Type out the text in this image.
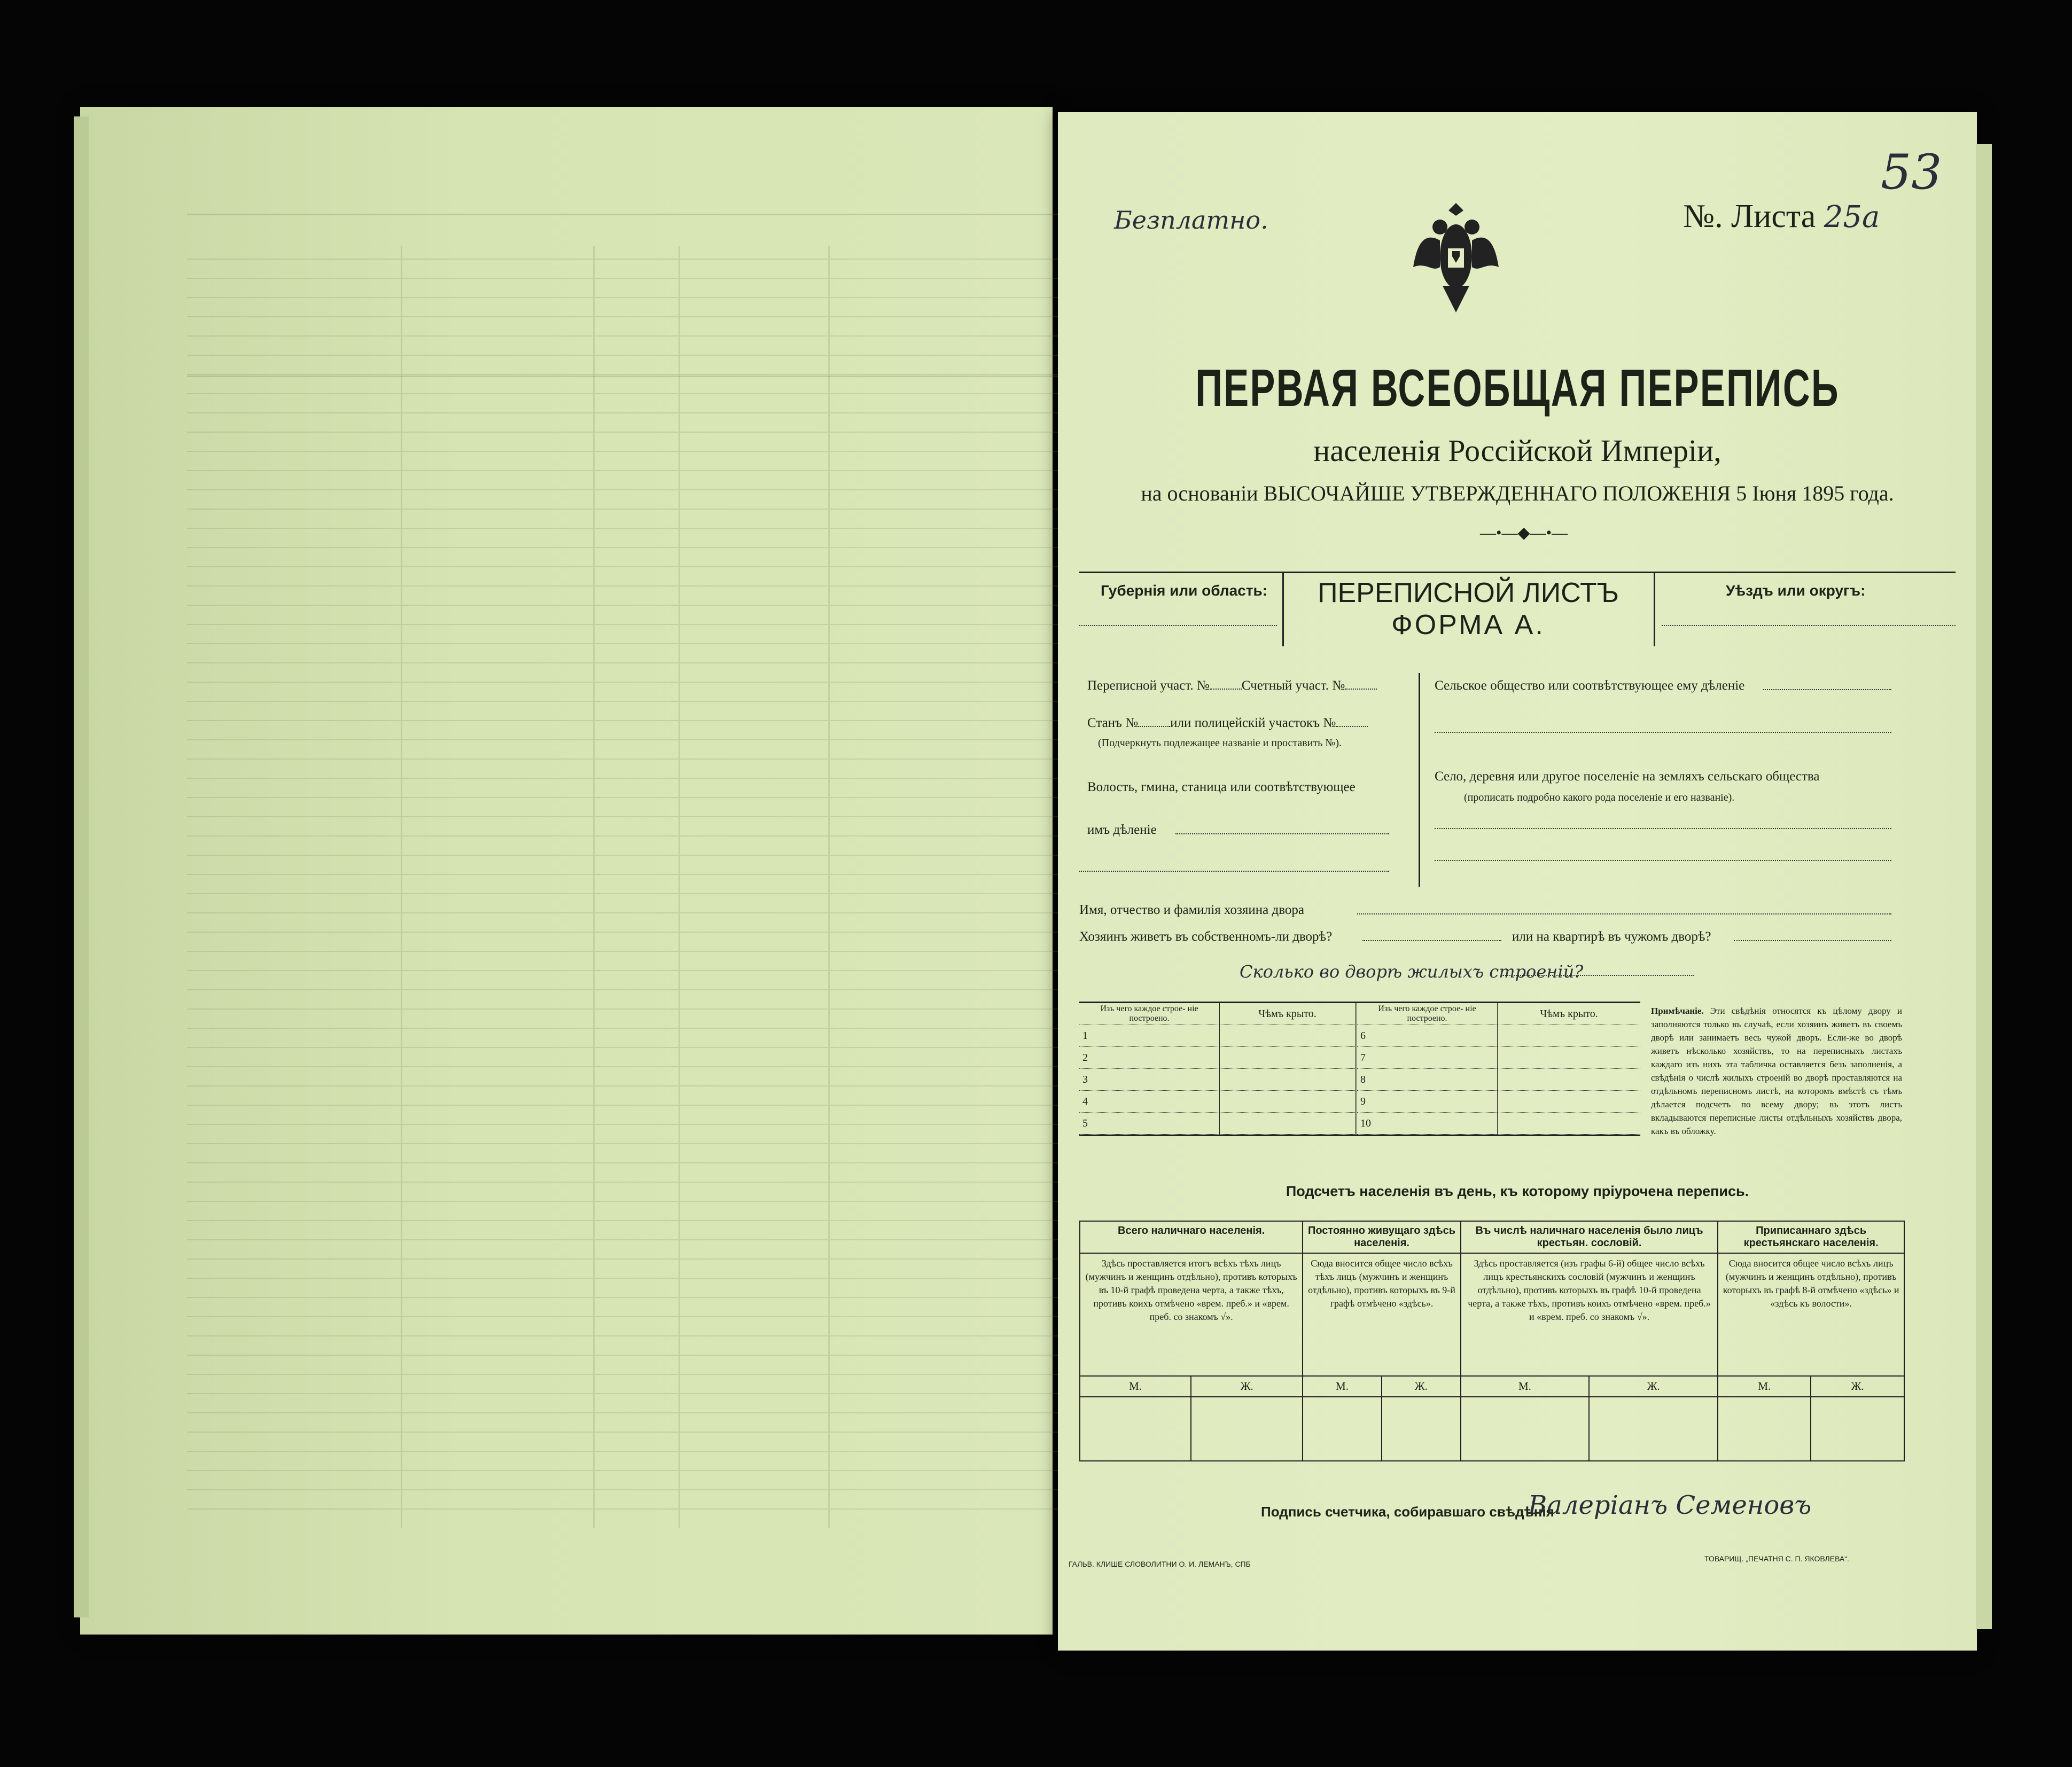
Безплатно.	№. Листа 25а
53
ПЕРВАЯ ВСЕОБЩАЯ ПЕРЕПИСЬ
населенія Россійской Имперіи,
на основаніи ВЫСОЧАЙШЕ УТВЕРЖДЕННАГО ПОЛОЖЕНІЯ 5 Іюня 1895 года.
—•—◆—•—
Губернія или область:	ПЕРЕПИСНОЙ ЛИСТЪ
ФОРМА А.
Уѣздъ или округъ:
Переписной участ. № Счетный участ. №
Станъ № или полицейскій участокъ №
(Подчеркнуть подлежащее названіе и проставить №).
Волость, гмина, станица или соотвѣтствующее
имъ дѣленіе
Сельское общество или соотвѣтствующее ему дѣленіе
Село, деревня или другое поселеніе на земляхъ сельскаго общества
(прописать подробно какого рода поселеніе и его названіе).
Имя, отчество и фамилія хозяина двора
Хозяинъ живетъ въ собственномъ-ли дворѣ?	или на квартирѣ въ чужомъ дворѣ?
Сколько во дворѣ жилыхъ строеній?
Изъ чего каждое строе- ніе построено.	Чѣмъ крыто.
1	
2	
3	
4	
5	
Изъ чего каждое строе- ніе построено.	Чѣмъ крыто.
6	
7	
8	
9	
10	
Примѣчаніе. Эти свѣдѣнія относятся къ цѣлому двору и заполняются только въ случаѣ, если хозяинъ живетъ въ своемъ дворѣ или занимаетъ весь чужой дворъ. Если-же во дворѣ живетъ нѣсколько хозяйствъ, то на переписныхъ листахъ каждаго изъ нихъ эта табличка оставляется безъ заполненія, а свѣдѣнія о числѣ жилыхъ строеній во дворѣ проставляются на отдѣльномъ переписномъ листѣ, на которомъ вмѣстѣ съ тѣмъ дѣлается подсчетъ по всему двору; въ этотъ листъ вкладываются переписные листы отдѣльныхъ хозяйствъ двора, какъ въ обложку.
Подсчетъ населенія въ день, къ которому пріурочена перепись.
Всего наличнаго населенія.		Постоянно живущаго здѣсь населенія.		Въ числѣ наличнаго населенія было лицъ крестьян. сословій.		Приписаннаго здѣсь крестьянскаго населенія.	
Здѣсь проставляется итогъ всѣхъ тѣхъ лицъ (мужчинъ и женщинъ отдѣльно), противъ которыхъ въ 10-й графѣ проведена черта, а также тѣхъ, противъ коихъ отмѣчено «врем. преб.» и «врем. преб. со знакомъ √».		Сюда вносится общее число всѣхъ тѣхъ лицъ (мужчинъ и женщинъ отдѣльно), противъ которыхъ въ 9-й графѣ отмѣчено «здѣсь».		Здѣсь проставляется (изъ графы 6-й) общее число всѣхъ лицъ крестьянскихъ сословій (мужчинъ и женщинъ отдѣльно), противъ которыхъ въ графѣ 10-й проведена черта, а также тѣхъ, противъ коихъ отмѣчено «врем. преб.» и «врем. преб. со знакомъ √».		Сюда вносится общее число всѣхъ лицъ (мужчинъ и женщинъ отдѣльно), противъ которыхъ въ графѣ 8-й отмѣчено «здѣсь» и «здѣсь къ волости».	
М.	Ж.	М.	Ж.	М.	Ж.	М.	Ж.

Подпись счетчика, собиравшаго свѣдѣнія
Валеріанъ Семеновъ
ГАЛЬВ. КЛИШЕ СЛОВОЛИТНИ О. И. ЛЕМАНЪ, СПБ
ТОВАРИЩ. „ПЕЧАТНЯ С. П. ЯКОВЛЕВА“.
